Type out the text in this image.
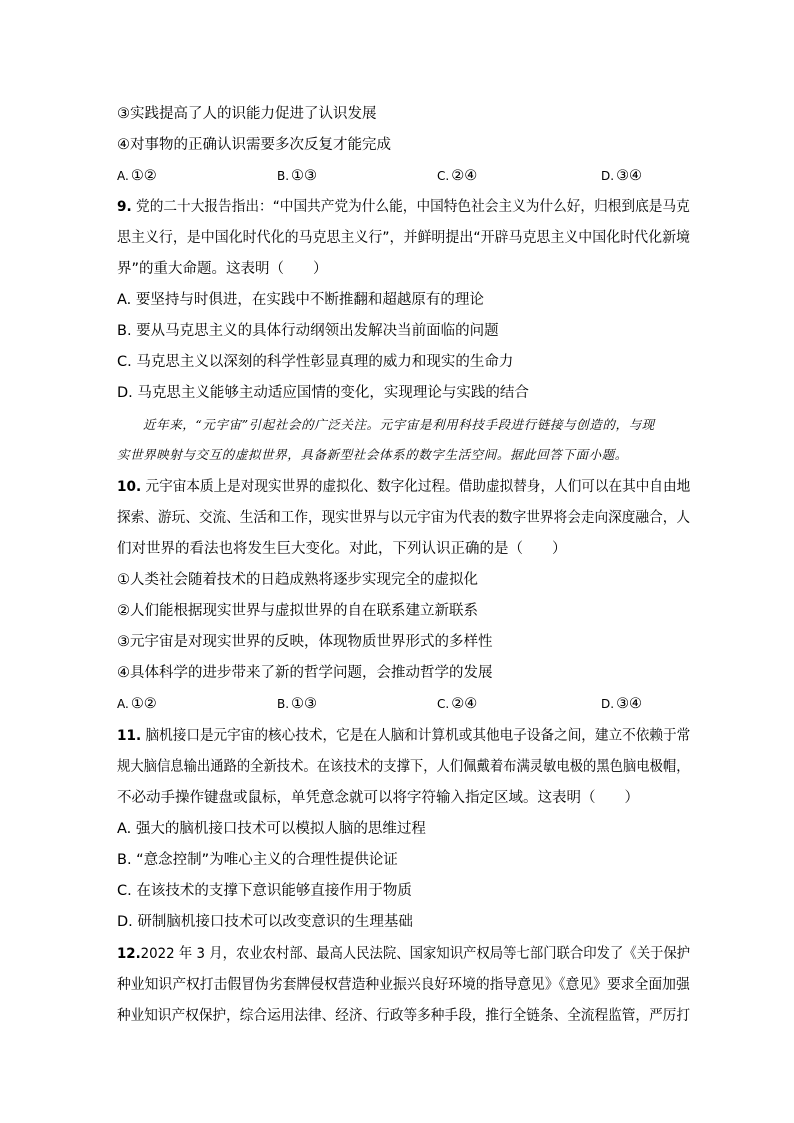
③实践提高了人的识能力促进了认识发展
④对事物的正确认识需要多次反复才能完成
A. ①②	B. ①③	C. ②④	D. ③④
9. 党的二十大报告指出：“中国共产党为什么能，中国特色社会主义为什么好，归根到底是马克
思主义行，是中国化时代化的马克思主义行”，并鲜明提出“开辟马克思主义中国化时代化新境
界”的重大命题。这表明（　　）
A. 要坚持与时俱进，在实践中不断推翻和超越原有的理论
B. 要从马克思主义的具体行动纲领出发解决当前面临的问题
C. 马克思主义以深刻的科学性彰显真理的威力和现实的生命力
D. 马克思主义能够主动适应国情的变化，实现理论与实践的结合
近年来，“元宇宙”引起社会的广泛关注。元宇宙是利用科技手段进行链接与创造的，与现
实世界映射与交互的虚拟世界，具备新型社会体系的数字生活空间。据此回答下面小题。
10. 元宇宙本质上是对现实世界的虚拟化、数字化过程。借助虚拟替身，人们可以在其中自由地
探索、游玩、交流、生活和工作，现实世界与以元宇宙为代表的数字世界将会走向深度融合，人
们对世界的看法也将发生巨大变化。对此，下列认识正确的是（　　）
①人类社会随着技术的日趋成熟将逐步实现完全的虚拟化
②人们能根据现实世界与虚拟世界的自在联系建立新联系
③元宇宙是对现实世界的反映，体现物质世界形式的多样性
④具体科学的进步带来了新的哲学问题，会推动哲学的发展
A. ①②	B. ①③	C. ②④	D. ③④
11. 脑机接口是元宇宙的核心技术，它是在人脑和计算机或其他电子设备之间，建立不依赖于常
规大脑信息输出通路的全新技术。在该技术的支撑下，人们佩戴着布满灵敏电极的黑色脑电极帽，
不必动手操作键盘或鼠标，单凭意念就可以将字符输入指定区域。这表明（　　）
A. 强大的脑机接口技术可以模拟人脑的思维过程
B. “意念控制”为唯心主义的合理性提供论证
C. 在该技术的支撑下意识能够直接作用于物质
D. 研制脑机接口技术可以改变意识的生理基础
12.2022 年 3 月，农业农村部、最高人民法院、国家知识产权局等七部门联合印发了《关于保护
种业知识产权打击假冒伪劣套牌侵权营造种业振兴良好环境的指导意见》《意见》要求全面加强
种业知识产权保护，综合运用法律、经济、行政等多种手段，推行全链条、全流程监管，严厉打
